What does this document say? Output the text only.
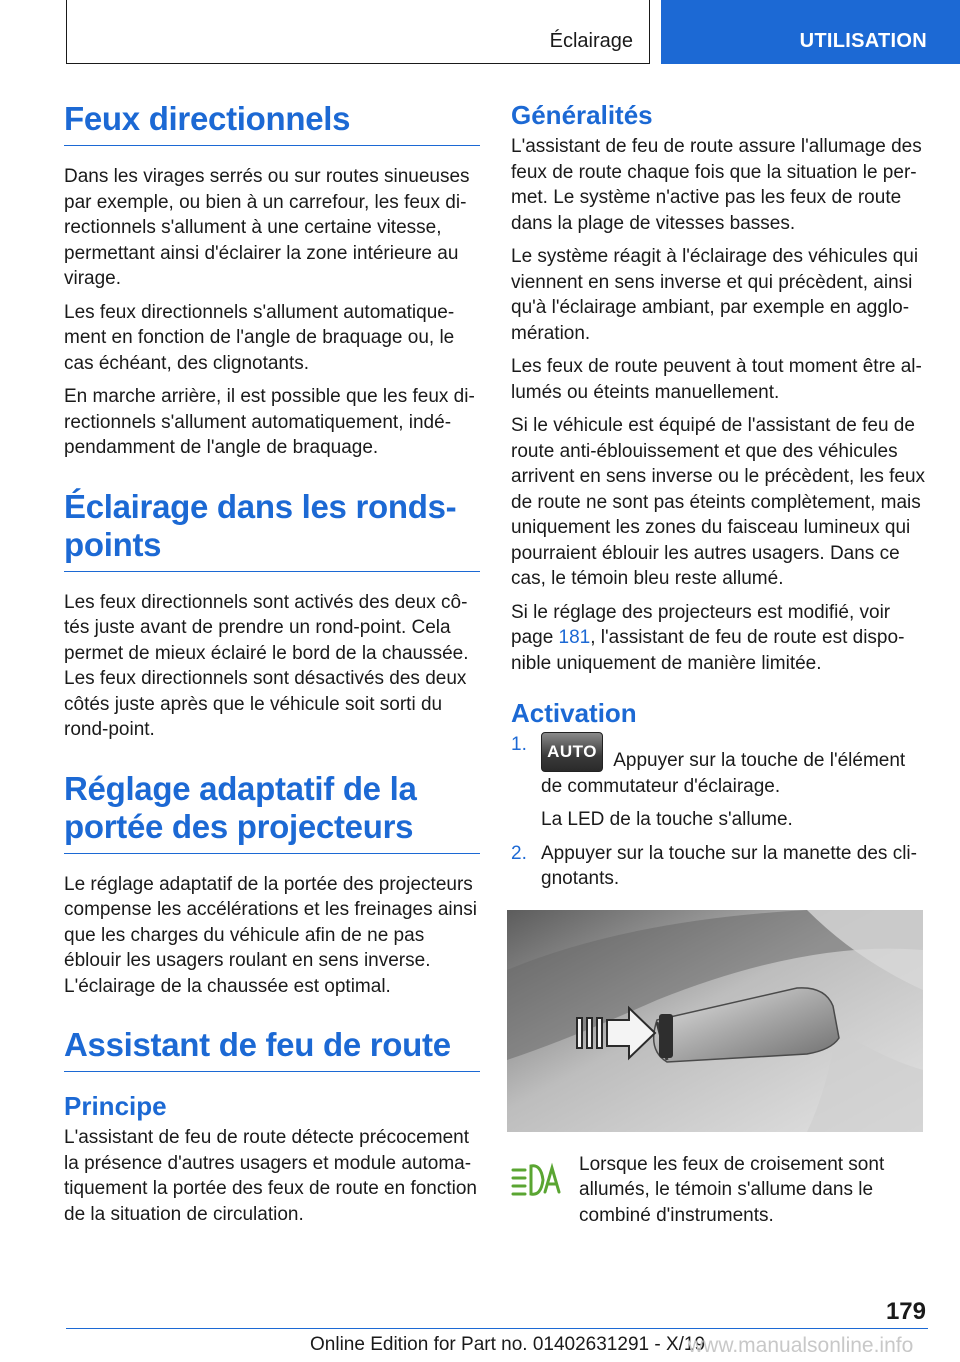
Éclairage	UTILISATION
Feux directionnels

Dans les virages serrés ou sur routes sinueuses par exemple, ou bien à un carrefour, les feux directionnels s'allument à une certaine vitesse, permettant ainsi d'éclairer la zone intérieure au virage.

Les feux directionnels s'allument automatiquement en fonction de l'angle de braquage ou, le cas échéant, des clignotants.

En marche arrière, il est possible que les feux directionnels s'allument automatiquement, indépendamment de l'angle de braquage.

Éclairage dans les ronds-points

Les feux directionnels sont activés des deux côtés juste avant de prendre un rond-point. Cela permet de mieux éclairé le bord de la chaussée. Les feux directionnels sont désactivés des deux côtés juste après que le véhicule soit sorti du rond-point.

Réglage adaptatif de la portée des projecteurs

Le réglage adaptatif de la portée des projecteurs compense les accélérations et les freinages ainsi que les charges du véhicule afin de ne pas éblouir les usagers roulant en sens inverse. L'éclairage de la chaussée est optimal.

Assistant de feu de route
Principe

L'assistant de feu de route détecte précocement la présence d'autres usagers et module automatiquement la portée des feux de route en fonction de la situation de circulation.

Généralités

L'assistant de feu de route assure l'allumage des feux de route chaque fois que la situation le permet. Le système n'active pas les feux de route dans la plage de vitesses basses.

Le système réagit à l'éclairage des véhicules qui viennent en sens inverse et qui précèdent, ainsi qu'à l'éclairage ambiant, par exemple en agglomération.

Les feux de route peuvent à tout moment être allumés ou éteints manuellement.

Si le véhicule est équipé de l'assistant de feu de route anti-éblouissement et que des véhicules arrivent en sens inverse ou le précèdent, les feux de route ne sont pas éteints complètement, mais uniquement les zones du faisceau lumineux qui pourraient éblouir les autres usagers. Dans ce cas, le témoin bleu reste allumé.

Si le réglage des projecteurs est modifié, voir page 181, l'assistant de feu de route est disponible uniquement de manière limitée.

Activation
1. AUTO Appuyer sur la touche de l'élément de commutateur d'éclairage.

La LED de la touche s'allume.

2. Appuyer sur la touche sur la manette des clignotants.

Lorsque les feux de croisement sont allumés, le témoin s'allume dans le combiné d'instruments.

179
Online Edition for Part no. 01402631291 - X/19
www.manualsonline.info
